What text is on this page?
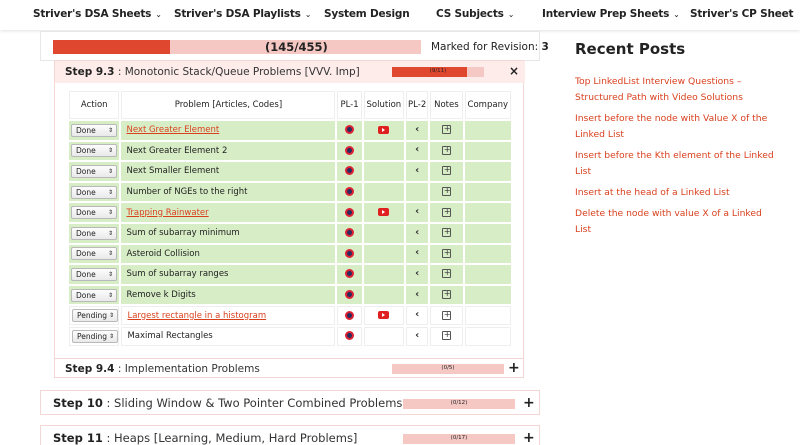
Striver's DSA Sheets ⌄ Striver's DSA Playlists ⌄ System Design	CS Subjects ⌄	Interview Prep Sheets ⌄ Striver's CP Sheet
(145/455)	Marked for Revision: 3
Step 9.3 : Monotonic Stack/Queue Problems [VVV. Imp]	(9/11)	×
Action	Problem [Articles, Codes]	PL-1	Solution	PL-2	Notes	Company
Done ⇕	Next Greater Element			‹	+	
Done ⇕	Next Greater Element 2			‹	+	
Done ⇕	Next Smaller Element			‹	+	
Done ⇕	Number of NGEs to the right				+	
Done ⇕	Trapping Rainwater			‹	+	
Done ⇕	Sum of subarray minimum			‹	+	
Done ⇕	Asteroid Collision			‹	+	
Done ⇕	Sum of subarray ranges			‹	+	
Done ⇕	Remove k Digits			‹	+	
Pending ⇕	Largest rectangle in a histogram			‹	+	
Pending ⇕	Maximal Rectangles			‹	+	
Step 9.4 : Implementation Problems	(0/5)	+
Step 10 : Sliding Window & Two Pointer Combined Problems	(0/12)	+
Step 11 : Heaps [Learning, Medium, Hard Problems]	(0/17)	+
Recent Posts
Top LinkedList Interview Questions – Structured Path with Video Solutions
Insert before the node with Value X of the Linked List
Insert before the Kth element of the Linked List
Insert at the head of a Linked List
Delete the node with value X of a Linked List
